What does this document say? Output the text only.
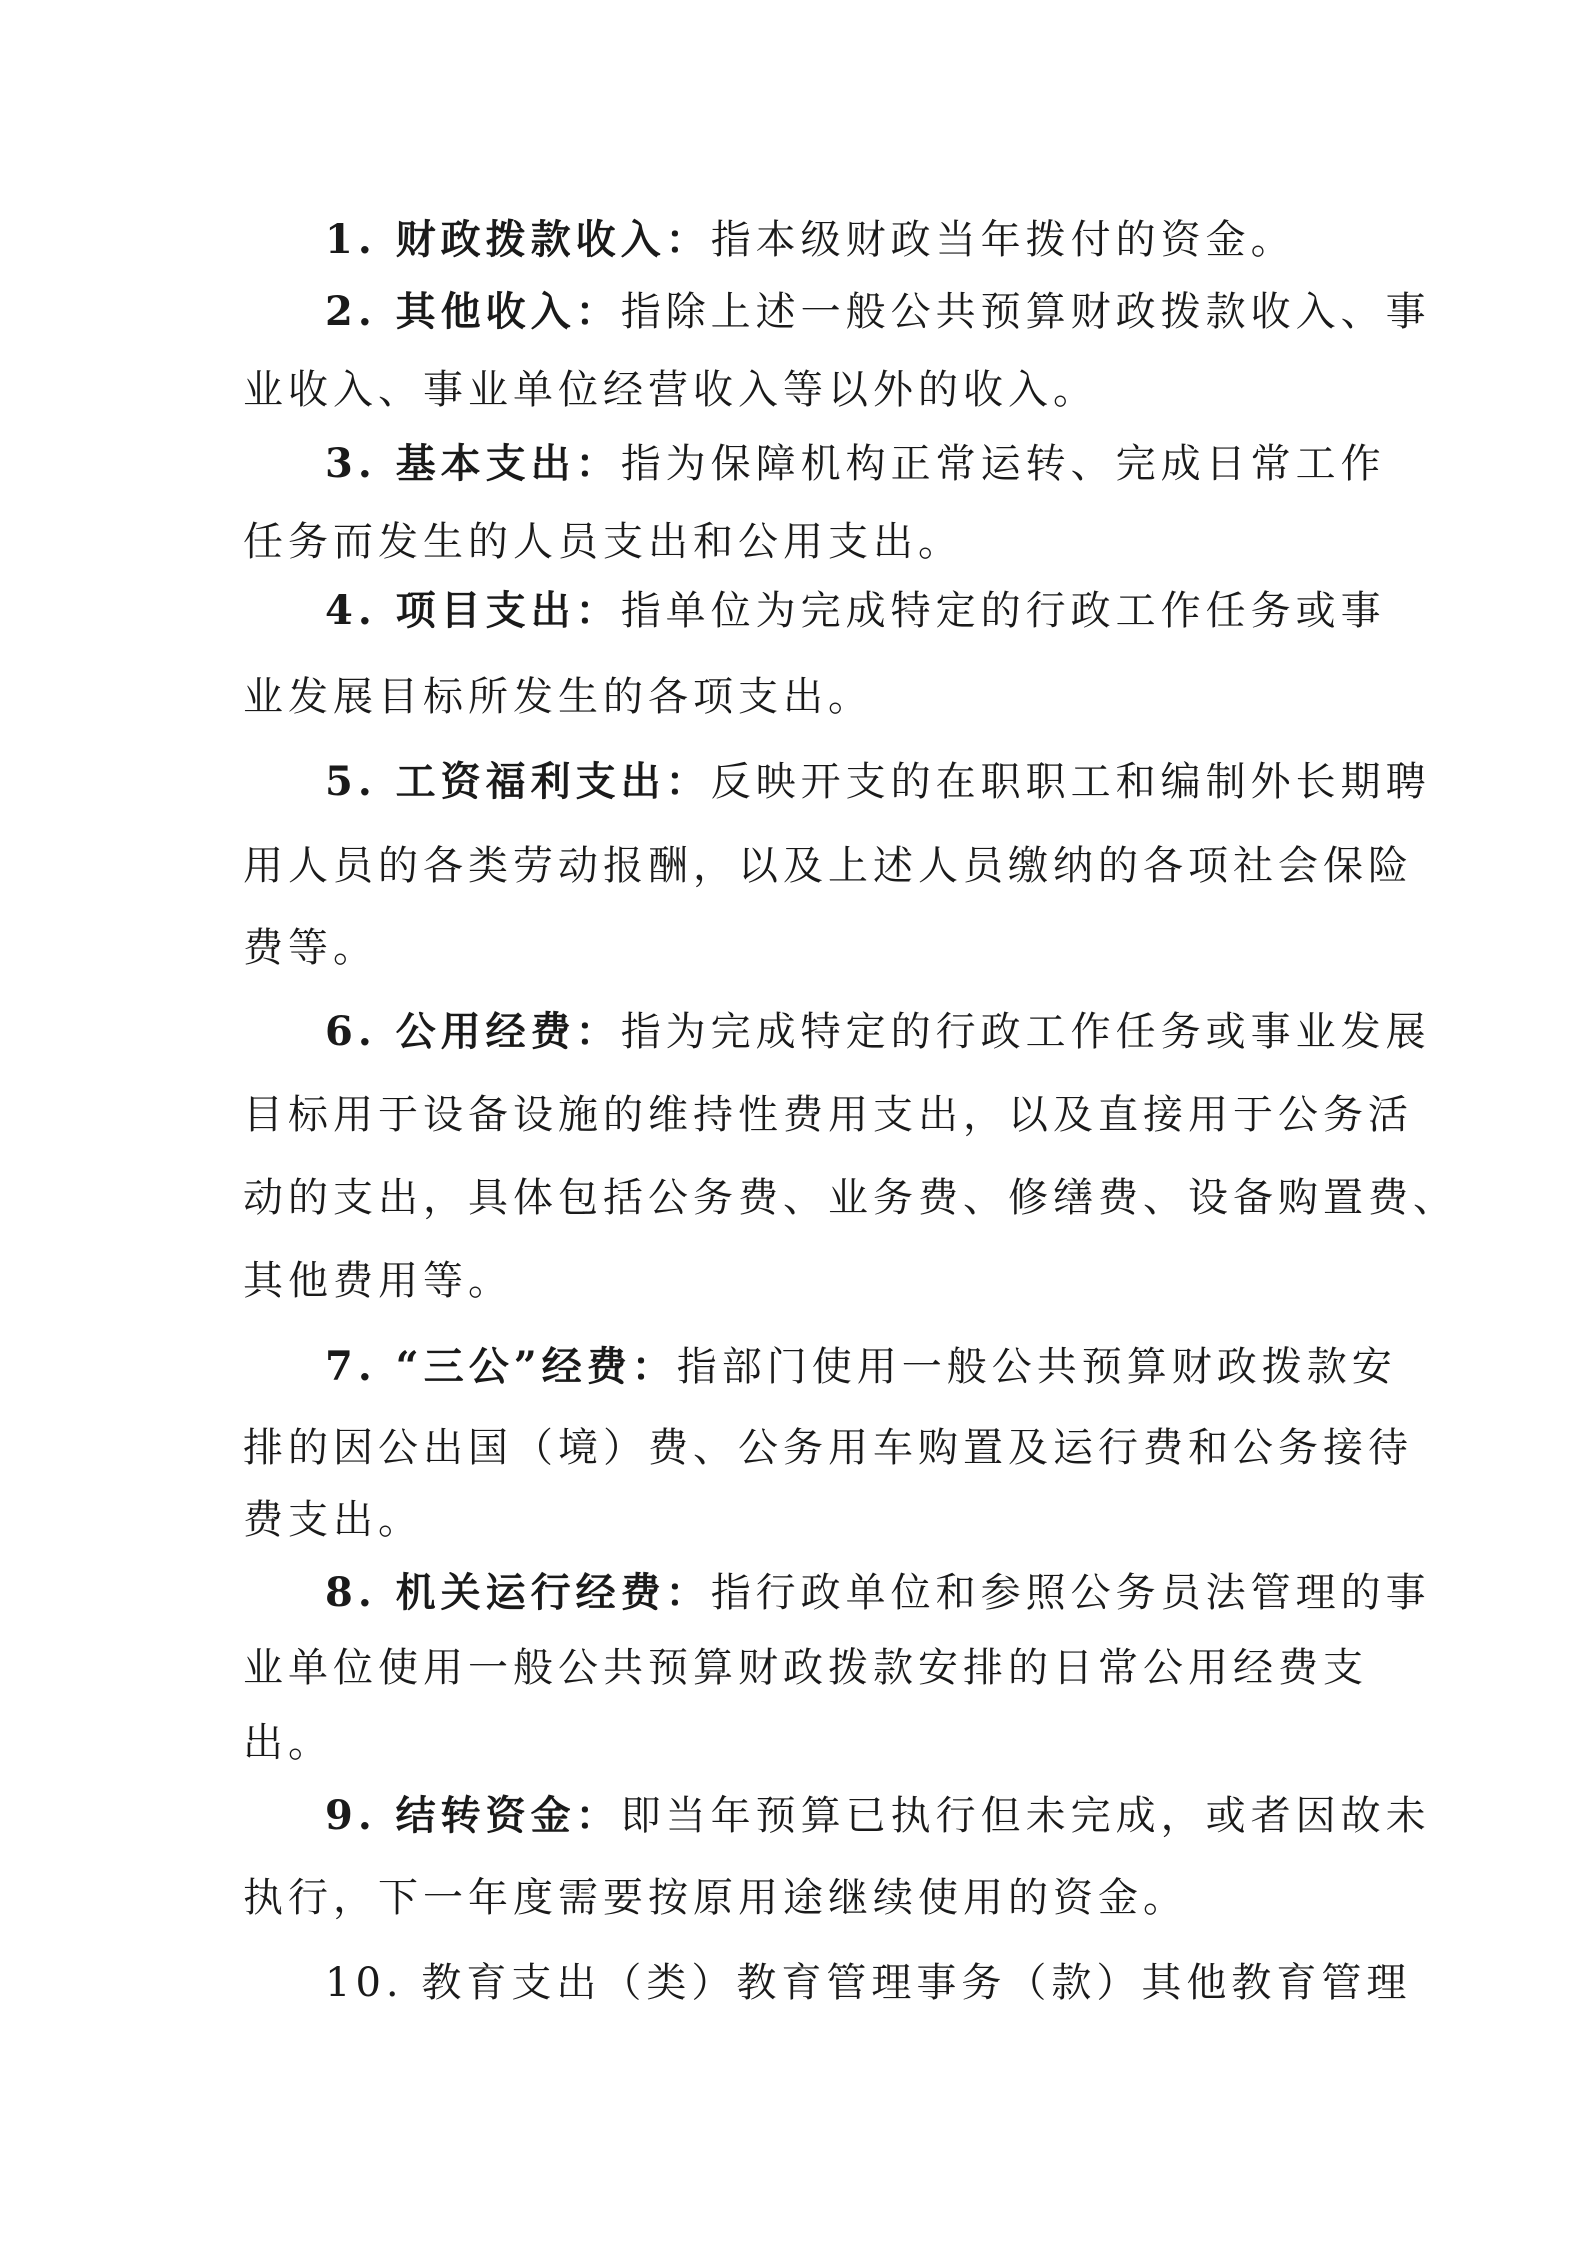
1. 财政拨款收入：指本级财政当年拨付的资金。
2. 其他收入：指除上述一般公共预算财政拨款收入、事
业收入、事业单位经营收入等以外的收入。
3. 基本支出：指为保障机构正常运转、完成日常工作
任务而发生的人员支出和公用支出。
4. 项目支出：指单位为完成特定的行政工作任务或事
业发展目标所发生的各项支出。
5. 工资福利支出：反映开支的在职职工和编制外长期聘
用人员的各类劳动报酬，以及上述人员缴纳的各项社会保险
费等。
6. 公用经费：指为完成特定的行政工作任务或事业发展
目标用于设备设施的维持性费用支出，以及直接用于公务活
动的支出，具体包括公务费、业务费、修缮费、设备购置费、
其他费用等。
7. “三公”经费：指部门使用一般公共预算财政拨款安
排的因公出国（境）费、公务用车购置及运行费和公务接待
费支出。
8. 机关运行经费：指行政单位和参照公务员法管理的事
业单位使用一般公共预算财政拨款安排的日常公用经费支
出。
9. 结转资金：即当年预算已执行但未完成，或者因故未
执行，下一年度需要按原用途继续使用的资金。
10. 教育支出（类）教育管理事务（款）其他教育管理
